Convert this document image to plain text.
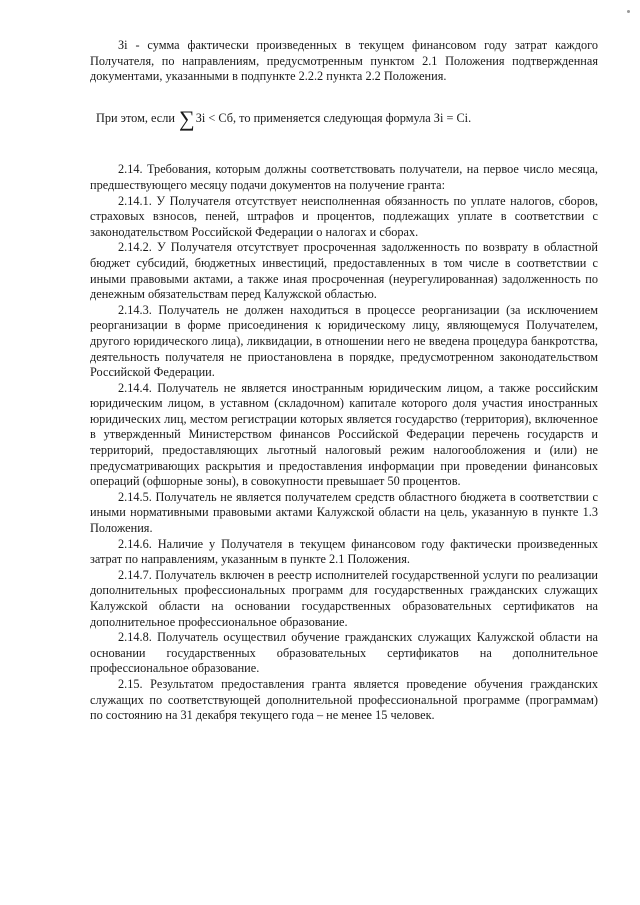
Зi - сумма фактически произведенных в текущем финансовом году затрат каждого Получателя, по направлениям, предусмотренным пунктом 2.1 Положения подтвержденная документами, указанными в подпункте 2.2.2 пункта 2.2 Положения.

При этом, если ∑Зi < Сб, то применяется следующая формула Зi = Сi.

2.14. Требования, которым должны соответствовать получатели, на первое число месяца, предшествующего месяцу подачи документов на получение гранта:

2.14.1. У Получателя отсутствует неисполненная обязанность по уплате налогов, сборов, страховых взносов, пеней, штрафов и процентов, подлежащих уплате в соответствии с законодательством Российской Федерации о налогах и сборах.

2.14.2. У Получателя отсутствует просроченная задолженность по возврату в областной бюджет субсидий, бюджетных инвестиций, предоставленных в том числе в соответствии с иными правовыми актами, а также иная просроченная (неурегулированная) задолженность по денежным обязательствам перед Калужской областью.

2.14.3. Получатель не должен находиться в процессе реорганизации (за исключением реорганизации в форме присоединения к юридическому лицу, являющемуся Получателем, другого юридического лица), ликвидации, в отношении него не введена процедура банкротства, деятельность получателя не приостановлена в порядке, предусмотренном законодательством Российской Федерации.

2.14.4. Получатель не является иностранным юридическим лицом, а также российским юридическим лицом, в уставном (складочном) капитале которого доля участия иностранных юридических лиц, местом регистрации которых является государство (территория), включенное в утвержденный Министерством финансов Российской Федерации перечень государств и территорий, предоставляющих льготный налоговый режим налогообложения и (или) не предусматривающих раскрытия и предоставления информации при проведении финансовых операций (офшорные зоны), в совокупности превышает 50 процентов.

2.14.5. Получатель не является получателем средств областного бюджета в соответствии с иными нормативными правовыми актами Калужской области на цель, указанную в пункте 1.3 Положения.

2.14.6. Наличие у Получателя в текущем финансовом году фактически произведенных затрат по направлениям, указанным в пункте 2.1 Положения.

2.14.7. Получатель включен в реестр исполнителей государственной услуги по реализации дополнительных профессиональных программ для государственных гражданских служащих Калужской области на основании государственных образовательных сертификатов на дополнительное профессиональное образование.

2.14.8. Получатель осуществил обучение гражданских служащих Калужской области на основании государственных образовательных сертификатов на дополнительное профессиональное образование.

2.15. Результатом предоставления гранта является проведение обучения гражданских служащих по соответствующей дополнительной профессиональной программе (программам) по состоянию на 31 декабря текущего года – не менее 15 человек.
